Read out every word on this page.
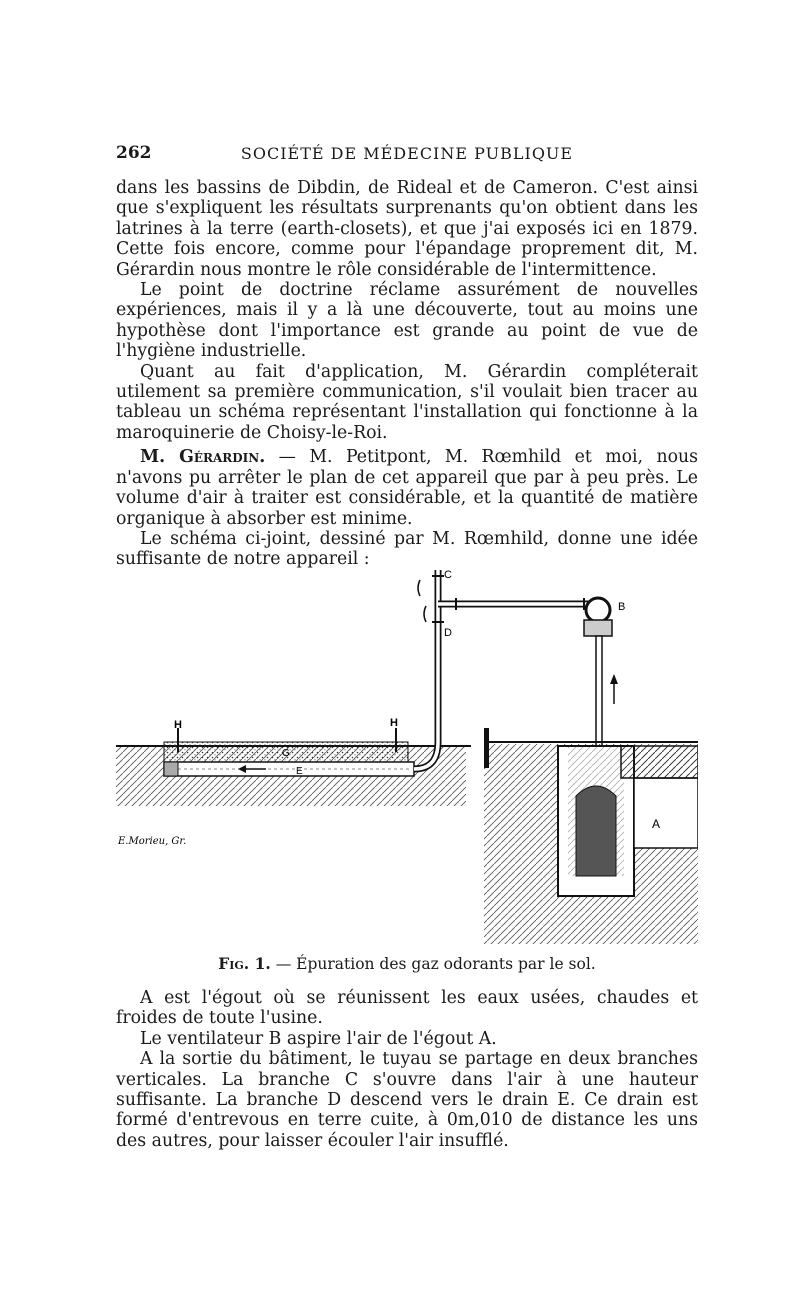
262	SOCIÉTÉ DE MÉDECINE PUBLIQUE

dans les bassins de Dibdin, de Rideal et de Cameron. C'est ainsi que s'expliquent les résultats surprenants qu'on obtient dans les latrines à la terre (earth-closets), et que j'ai exposés ici en 1879. Cette fois encore, comme pour l'épandage proprement dit, M. Gérardin nous montre le rôle considérable de l'intermittence.

Le point de doctrine réclame assurément de nouvelles expériences, mais il y a là une découverte, tout au moins une hypothèse dont l'importance est grande au point de vue de l'hygiène industrielle.

Quant au fait d'application, M. Gérardin compléterait utilement sa première communication, s'il voulait bien tracer au tableau un schéma représentant l'installation qui fonctionne à la maroquinerie de Choisy-le-Roi.

M. Gérardin. — M. Petitpont, M. Rœmhild et moi, nous n'avons pu arrêter le plan de cet appareil que par à peu près. Le volume d'air à traiter est considérable, et la quantité de matière organique à absorber est minime.

Le schéma ci-joint, dessiné par M. Rœmhild, donne une idée suffisante de notre appareil :

C
D
B
H	H
G
E
A
E.Morieu, Gr.
Fig. 1. — Épuration des gaz odorants par le sol.

A est l'égout où se réunissent les eaux usées, chaudes et froides de toute l'usine.

Le ventilateur B aspire l'air de l'égout A.

A la sortie du bâtiment, le tuyau se partage en deux branches verticales. La branche C s'ouvre dans l'air à une hauteur suffisante. La branche D descend vers le drain E. Ce drain est formé d'entrevous en terre cuite, à 0m,010 de distance les uns des autres, pour laisser écouler l'air insufflé.
